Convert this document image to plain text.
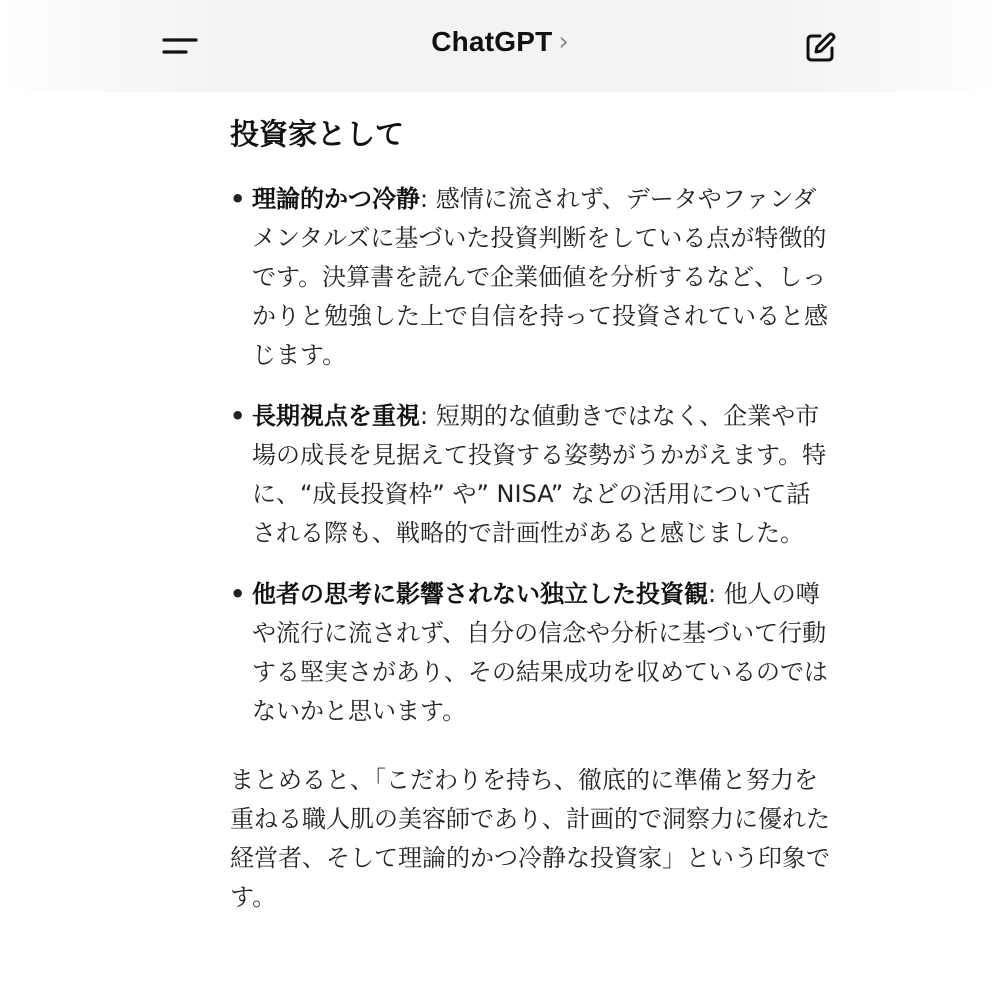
ChatGPT ›
投資家として
• 理論的かつ冷静: 感情に流されず、データやファンダメンタルズに基づいた投資判断をしている点が特徴的です。決算書を読んで企業価値を分析するなど、しっかりと勉強した上で自信を持って投資されていると感じます。
• 長期視点を重視: 短期的な値動きではなく、企業や市場の成長を見据えて投資する姿勢がうかがえます。特に、“成長投資枠” や” NISA” などの活用について話される際も、戦略的で計画性があると感じました。
• 他者の思考に影響されない独立した投資観: 他人の噂や流行に流されず、自分の信念や分析に基づいて行動する堅実さがあり、その結果成功を収めているのではないかと思います。

まとめると、「こだわりを持ち、徹底的に準備と努力を重ねる職人肌の美容師であり、計画的で洞察力に優れた経営者、そして理論的かつ冷静な投資家」という印象です。
